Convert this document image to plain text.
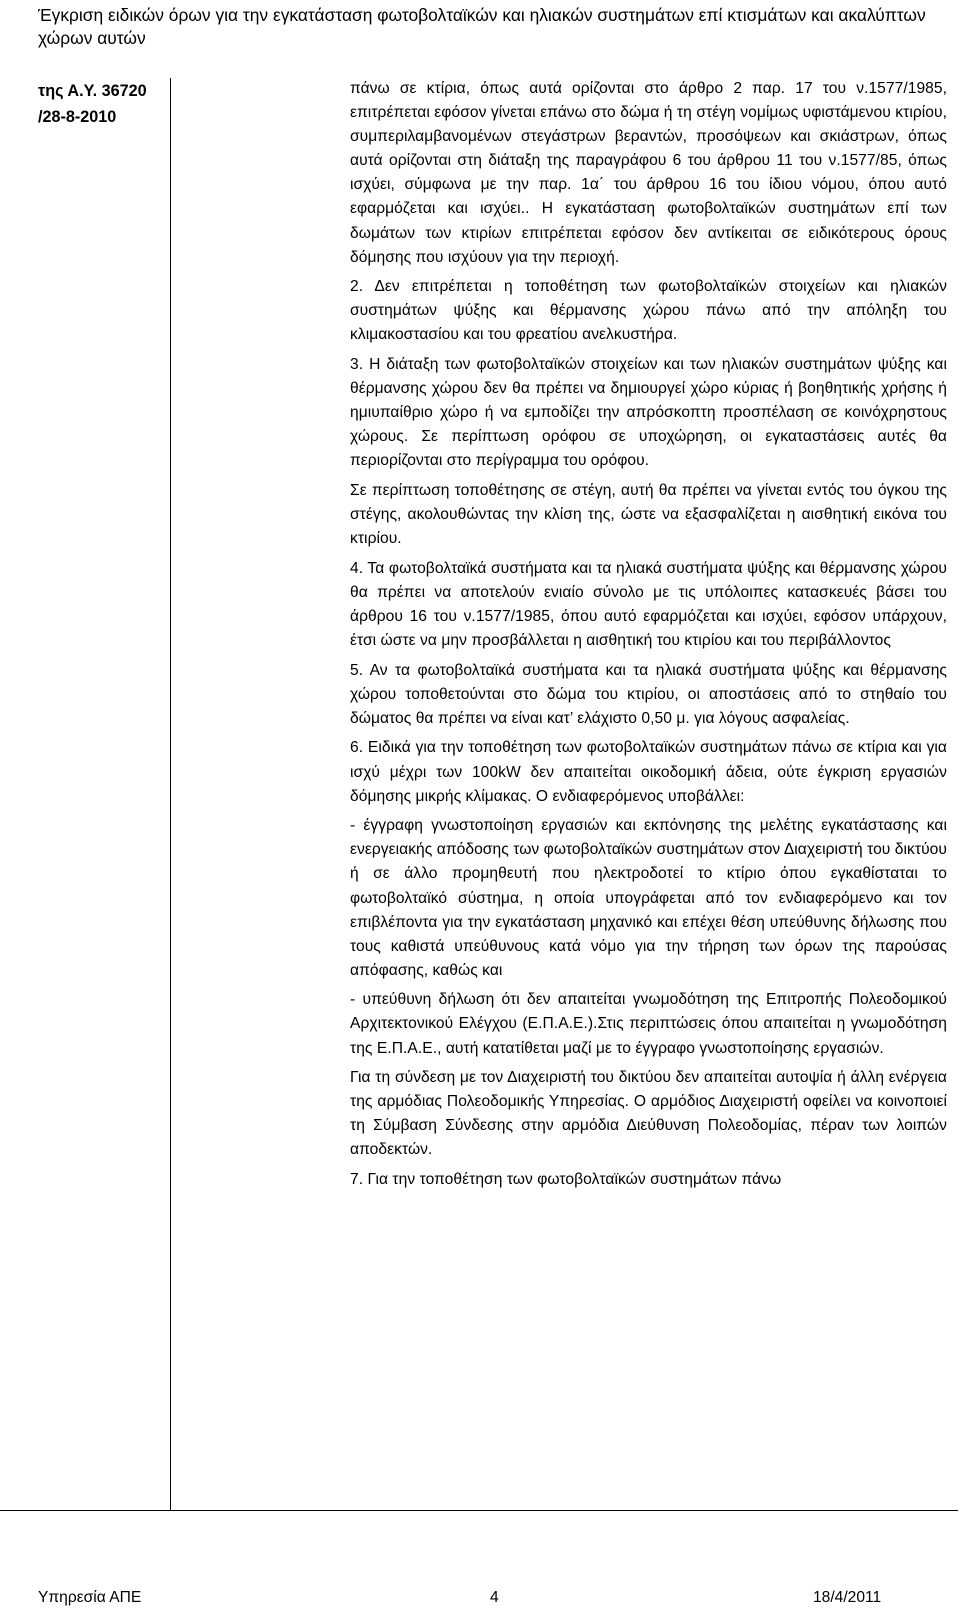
Έγκριση ειδικών όρων για την εγκατάσταση φωτοβολταϊκών και ηλιακών συστημάτων επί κτισμάτων και ακαλύπτων χώρων αυτών
της Α.Υ. 36720
/28-8-2010

πάνω σε κτίρια, όπως αυτά ορίζονται στο άρθρο 2 παρ. 17 του ν.1577/1985, επιτρέπεται εφόσον γίνεται επάνω στο δώμα ή τη στέγη νομίμως υφιστάμενου κτιρίου, συμπεριλαμβανομένων στεγάστρων βεραντών, προσόψεων και σκιάστρων, όπως αυτά ορίζονται στη διάταξη της παραγράφου 6 του άρθρου 11 του ν.1577/85, όπως ισχύει, σύμφωνα με την παρ. 1α΄ του άρθρου 16 του ίδιου νόμου, όπου αυτό εφαρμόζεται και ισχύει.. Η εγκατάσταση φωτοβολταϊκών συστημάτων επί των δωμάτων των κτιρίων επιτρέπεται εφόσον δεν αντίκειται σε ειδικότερους όρους δόμησης που ισχύουν για την περιοχή.

2. Δεν επιτρέπεται η τοποθέτηση των φωτοβολταϊκών στοιχείων και ηλιακών συστημάτων ψύξης και θέρμανσης χώρου πάνω από την απόληξη του κλιμακοστασίου και του φρεατίου ανελκυστήρα.

3. Η διάταξη των φωτοβολταϊκών στοιχείων και των ηλιακών συστημάτων ψύξης και θέρμανσης χώρου δεν θα πρέπει να δημιουργεί χώρο κύριας ή βοηθητικής χρήσης ή ημιυπαίθριο χώρο ή να εμποδίζει την απρόσκοπτη προσπέλαση σε κοινόχρηστους χώρους. Σε περίπτωση ορόφου σε υποχώρηση, οι εγκαταστάσεις αυτές θα περιορίζονται στο περίγραμμα του ορόφου.

Σε περίπτωση τοποθέτησης σε στέγη, αυτή θα πρέπει να γίνεται εντός του όγκου της στέγης, ακολουθώντας την κλίση της, ώστε να εξασφαλίζεται η αισθητική εικόνα του κτιρίου.

4. Τα φωτοβολταϊκά συστήματα και τα ηλιακά συστήματα ψύξης και θέρμανσης χώρου θα πρέπει να αποτελούν ενιαίο σύνολο με τις υπόλοιπες κατασκευές βάσει του άρθρου 16 του ν.1577/1985, όπου αυτό εφαρμόζεται και ισχύει, εφόσον υπάρχουν, έτσι ώστε να μην προσβάλλεται η αισθητική του κτιρίου και του περιβάλλοντος

5. Αν τα φωτοβολταϊκά συστήματα και τα ηλιακά συστήματα ψύξης και θέρμανσης χώρου τοποθετούνται στο δώμα του κτιρίου, οι αποστάσεις από το στηθαίο του δώματος θα πρέπει να είναι κατ’ ελάχιστο 0,50 μ. για λόγους ασφαλείας.

6. Ειδικά για την τοποθέτηση των φωτοβολταϊκών συστημάτων πάνω σε κτίρια και για ισχύ μέχρι των 100kW δεν απαιτείται οικοδομική άδεια, ούτε έγκριση εργασιών δόμησης μικρής κλίμακας. Ο ενδιαφερόμενος υποβάλλει:

- έγγραφη γνωστοποίηση εργασιών και εκπόνησης της μελέτης εγκατάστασης και ενεργειακής απόδοσης των φωτοβολταϊκών συστημάτων στον Διαχειριστή του δικτύου ή σε άλλο προμηθευτή που ηλεκτροδοτεί το κτίριο όπου εγκαθίσταται το φωτοβολταϊκό σύστημα, η οποία υπογράφεται από τον ενδιαφερόμενο και τον επιβλέποντα για την εγκατάσταση μηχανικό και επέχει θέση υπεύθυνης δήλωσης που τους καθιστά υπεύθυνους κατά νόμο για την τήρηση των όρων της παρούσας απόφασης, καθώς και

- υπεύθυνη δήλωση ότι δεν απαιτείται γνωμοδότηση της Επιτροπής Πολεοδομικού Αρχιτεκτονικού Ελέγχου (Ε.Π.Α.Ε.).Στις περιπτώσεις όπου απαιτείται η γνωμοδότηση της Ε.Π.Α.Ε., αυτή κατατίθεται μαζί με το έγγραφο γνωστοποίησης εργασιών.

Για τη σύνδεση με τον Διαχειριστή του δικτύου δεν απαιτείται αυτοψία ή άλλη ενέργεια της αρμόδιας Πολεοδομικής Υπηρεσίας. Ο αρμόδιος Διαχειριστή οφείλει να κοινοποιεί τη Σύμβαση Σύνδεσης στην αρμόδια Διεύθυνση Πολεοδομίας, πέραν των λοιπών αποδεκτών.

7. Για την τοποθέτηση των φωτοβολταϊκών συστημάτων πάνω

Υπηρεσία ΑΠΕ	4	18/4/2011
